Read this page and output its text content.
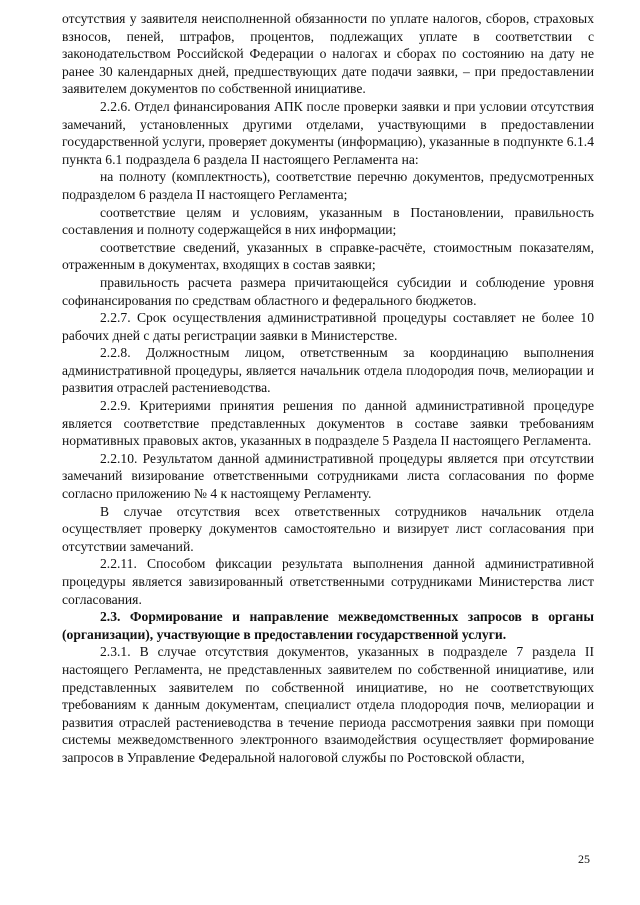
отсутствия у заявителя неисполненной обязанности по уплате налогов, сборов, страховых взносов, пеней, штрафов, процентов, подлежащих уплате в соответствии с законодательством Российской Федерации о налогах и сборах по состоянию на дату не ранее 30 календарных дней, предшествующих дате подачи заявки, – при предоставлении заявителем документов по собственной инициативе.

2.2.6. Отдел финансирования АПК после проверки заявки и при условии отсутствия замечаний, установленных другими отделами, участвующими в предоставлении государственной услуги, проверяет документы (информацию), указанные в подпункте 6.1.4 пункта 6.1 подраздела 6 раздела II настоящего Регламента на:

на полноту (комплектность), соответствие перечню документов, предусмотренных подразделом 6 раздела II настоящего Регламента;

соответствие целям и условиям, указанным в Постановлении, правильность составления и полноту содержащейся в них информации;

соответствие сведений, указанных в справке-расчёте, стоимостным показателям, отраженным в документах, входящих в состав заявки;

правильность расчета размера причитающейся субсидии и соблюдение уровня софинансирования по средствам областного и федерального бюджетов.

2.2.7. Срок осуществления административной процедуры составляет не более 10 рабочих дней с даты регистрации заявки в Министерстве.

2.2.8. Должностным лицом, ответственным за координацию выполнения административной процедуры, является начальник отдела плодородия почв, мелиорации и развития отраслей растениеводства.

2.2.9. Критериями принятия решения по данной административной процедуре является соответствие представленных документов в составе заявки требованиям нормативных правовых актов, указанных в подразделе 5 Раздела II настоящего Регламента.

2.2.10. Результатом данной административной процедуры является при отсутствии замечаний визирование ответственными сотрудниками листа согласования по форме согласно приложению № 4 к настоящему Регламенту.

В случае отсутствия всех ответственных сотрудников начальник отдела осуществляет проверку документов самостоятельно и визирует лист согласования при отсутствии замечаний.

2.2.11. Способом фиксации результата выполнения данной административной процедуры является завизированный ответственными сотрудниками Министерства лист согласования.

2.3. Формирование и направление межведомственных запросов в органы (организации), участвующие в предоставлении государственной услуги.

2.3.1. В случае отсутствия документов, указанных в подразделе 7 раздела II настоящего Регламента, не представленных заявителем по собственной инициативе, или представленных заявителем по собственной инициативе, но не соответствующих требованиям к данным документам, специалист отдела плодородия почв, мелиорации и развития отраслей растениеводства в течение периода рассмотрения заявки при помощи системы межведомственного электронного взаимодействия осуществляет формирование запросов в Управление Федеральной налоговой службы по Ростовской области,

25
